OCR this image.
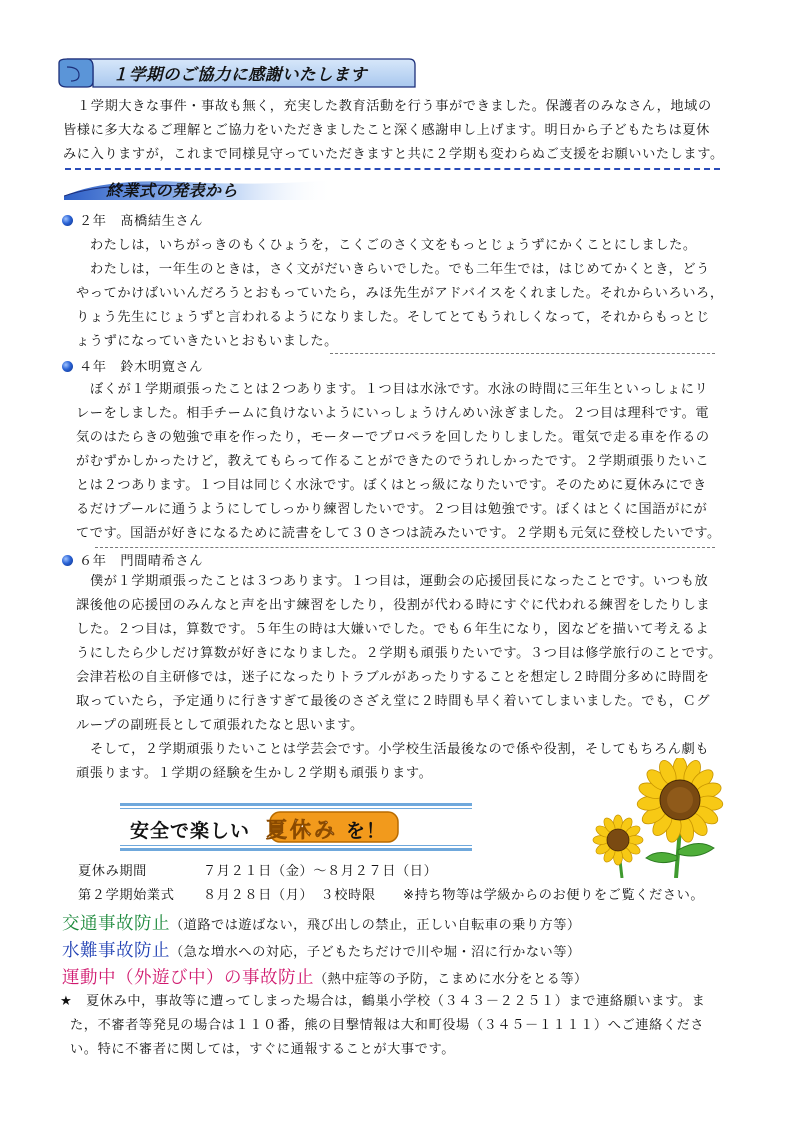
１学期のご協力に感謝いたします
１学期大きな事件・事故も無く，充実した教育活動を行う事ができました。保護者のみなさん，地域の
皆様に多大なるご理解とご協力をいただきましたこと深く感謝申し上げます。明日から子どもたちは夏休
みに入りますが，これまで同様見守っていただきますと共に２学期も変わらぬご支援をお願いいたします。
終業式の発表から
２年　髙橋結生さん
わたしは，いちがっきのもくひょうを，こくごのさく文をもっとじょうずにかくことにしました。
わたしは，一年生のときは，さく文がだいきらいでした。でも二年生では，はじめてかくとき，どう
やってかけばいいんだろうとおもっていたら，みほ先生がアドバイスをくれました。それからいろいろ，
りょう先生にじょうずと言われるようになりました。そしてとてもうれしくなって，それからもっとじ
ょうずになっていきたいとおもいました。
４年　鈴木明寛さん
ぼくが１学期頑張ったことは２つあります。１つ目は水泳です。水泳の時間に三年生といっしょにリ
レーをしました。相手チームに負けないようにいっしょうけんめい泳ぎました。２つ目は理科です。電
気のはたらきの勉強で車を作ったり，モーターでプロペラを回したりしました。電気で走る車を作るの
がむずかしかったけど，教えてもらって作ることができたのでうれしかったです。２学期頑張りたいこ
とは２つあります。１つ目は同じく水泳です。ぼくはとっ級になりたいです。そのために夏休みにでき
るだけプールに通うようにしてしっかり練習したいです。２つ目は勉強です。ぼくはとくに国語がにが
てです。国語が好きになるために読書をして３０さつは読みたいです。２学期も元気に登校したいです。
６年　門間晴希さん
僕が１学期頑張ったことは３つあります。１つ目は，運動会の応援団長になったことです。いつも放
課後他の応援団のみんなと声を出す練習をしたり，役割が代わる時にすぐに代われる練習をしたりしま
した。２つ目は，算数です。５年生の時は大嫌いでした。でも６年生になり，図などを描いて考えるよ
うにしたら少しだけ算数が好きになりました。２学期も頑張りたいです。３つ目は修学旅行のことです。
会津若松の自主研修では，迷子になったりトラブルがあったりすることを想定し２時間分多めに時間を
取っていたら，予定通りに行きすぎて最後のさざえ堂に２時間も早く着いてしまいました。でも，Ｃグ
ループの副班長として頑張れたなと思います。
そして，２学期頑張りたいことは学芸会です。小学校生活最後なので係や役割，そしてもちろん劇も
頑張ります。１学期の経験を生かし２学期も頑張ります。
安全で楽しい 夏休み を！
夏休み期間	７月２１日（金）～８月２７日（日）
第２学期始業式 ８月２８日（月）　３校時限 ※持ち物等は学級からのお便りをご覧ください。
交通事故防止（道路では遊ばない，飛び出しの禁止，正しい自転車の乗り方等）
水難事故防止（急な増水への対応，子どもたちだけで川や堀・沼に行かない等）
運動中（外遊び中）の事故防止（熱中症等の予防，こまめに水分をとる等）
★ 夏休み中，事故等に遭ってしまった場合は，鶴巣小学校（３４３－２２５１）まで連絡願います。ま
た，不審者等発見の場合は１１０番，熊の目撃情報は大和町役場（３４５－１１１１）へご連絡くださ
い。特に不審者に関しては，すぐに通報することが大事です。
